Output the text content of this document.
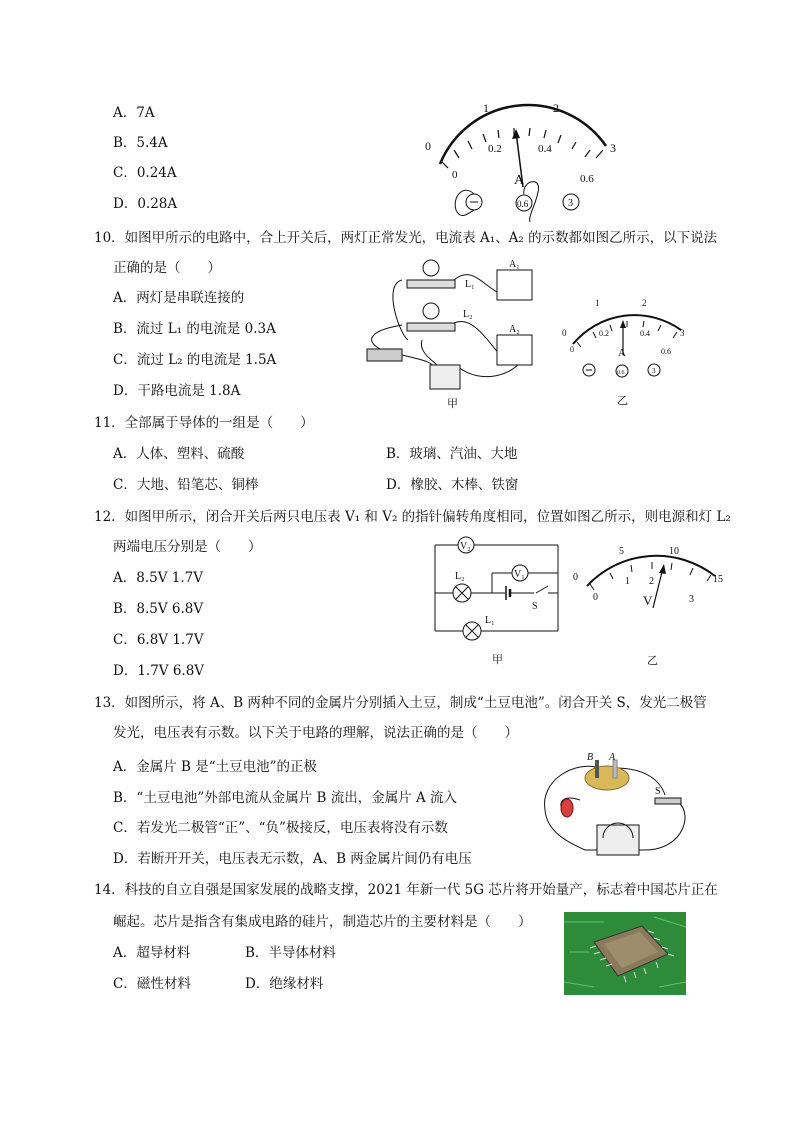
A．7A
B．5.4A
C．0.24A
D．0.28A
0
1	2
3
0
0.2	0.4
0.6
A
0.6	3
10．如图甲所示的电路中，合上开关后，两灯正常发光，电流表 A₁、A₂ 的示数都如图乙所示，以下说法
正确的是（　　）
A．两灯是串联连接的
B．流过 L₁ 的电流是 0.3A
C．流过 L₂ 的电流是 1.5A
D．干路电流是 1.8A
L₁
L₂
A₁
A₂
甲
0
1	2
3
0
0.2	0.4
0.6
A
0.6	3
乙
11．全部属于导体的一组是（　　）
A．人体、塑料、硫酸	B．玻璃、汽油、大地
C．大地、铅笔芯、铜棒	D．橡胶、木棒、铁窗
12．如图甲所示，闭合开关后两只电压表 V₁ 和 V₂ 的指针偏转角度相同，位置如图乙所示，则电源和灯 L₂
两端电压分别是（　　）
A．8.5V 1.7V
B．8.5V 6.8V
C．6.8V 1.7V
D．1.7V 6.8V
V₂
V₁
L₂
L₁
S
甲
0
5	10
15
0
1 2
3
V
乙
13．如图所示，将 A、B 两种不同的金属片分别插入土豆，制成“土豆电池”。闭合开关 S，发光二极管
发光，电压表有示数。以下关于电路的理解，说法正确的是（　　）
A．金属片 B 是“土豆电池”的正极
B．“土豆电池”外部电流从金属片 B 流出，金属片 A 流入
C．若发光二极管“正”、“负”极接反，电压表将没有示数
D．若断开开关，电压表无示数，A、B 两金属片间仍有电压
B A
S
14．科技的自立自强是国家发展的战略支撑，2021 年新一代 5G 芯片将开始量产，标志着中国芯片正在
崛起。芯片是指含有集成电路的硅片，制造芯片的主要材料是（　　）
A．超导材料	B．半导体材料
C．磁性材料	D．绝缘材料
